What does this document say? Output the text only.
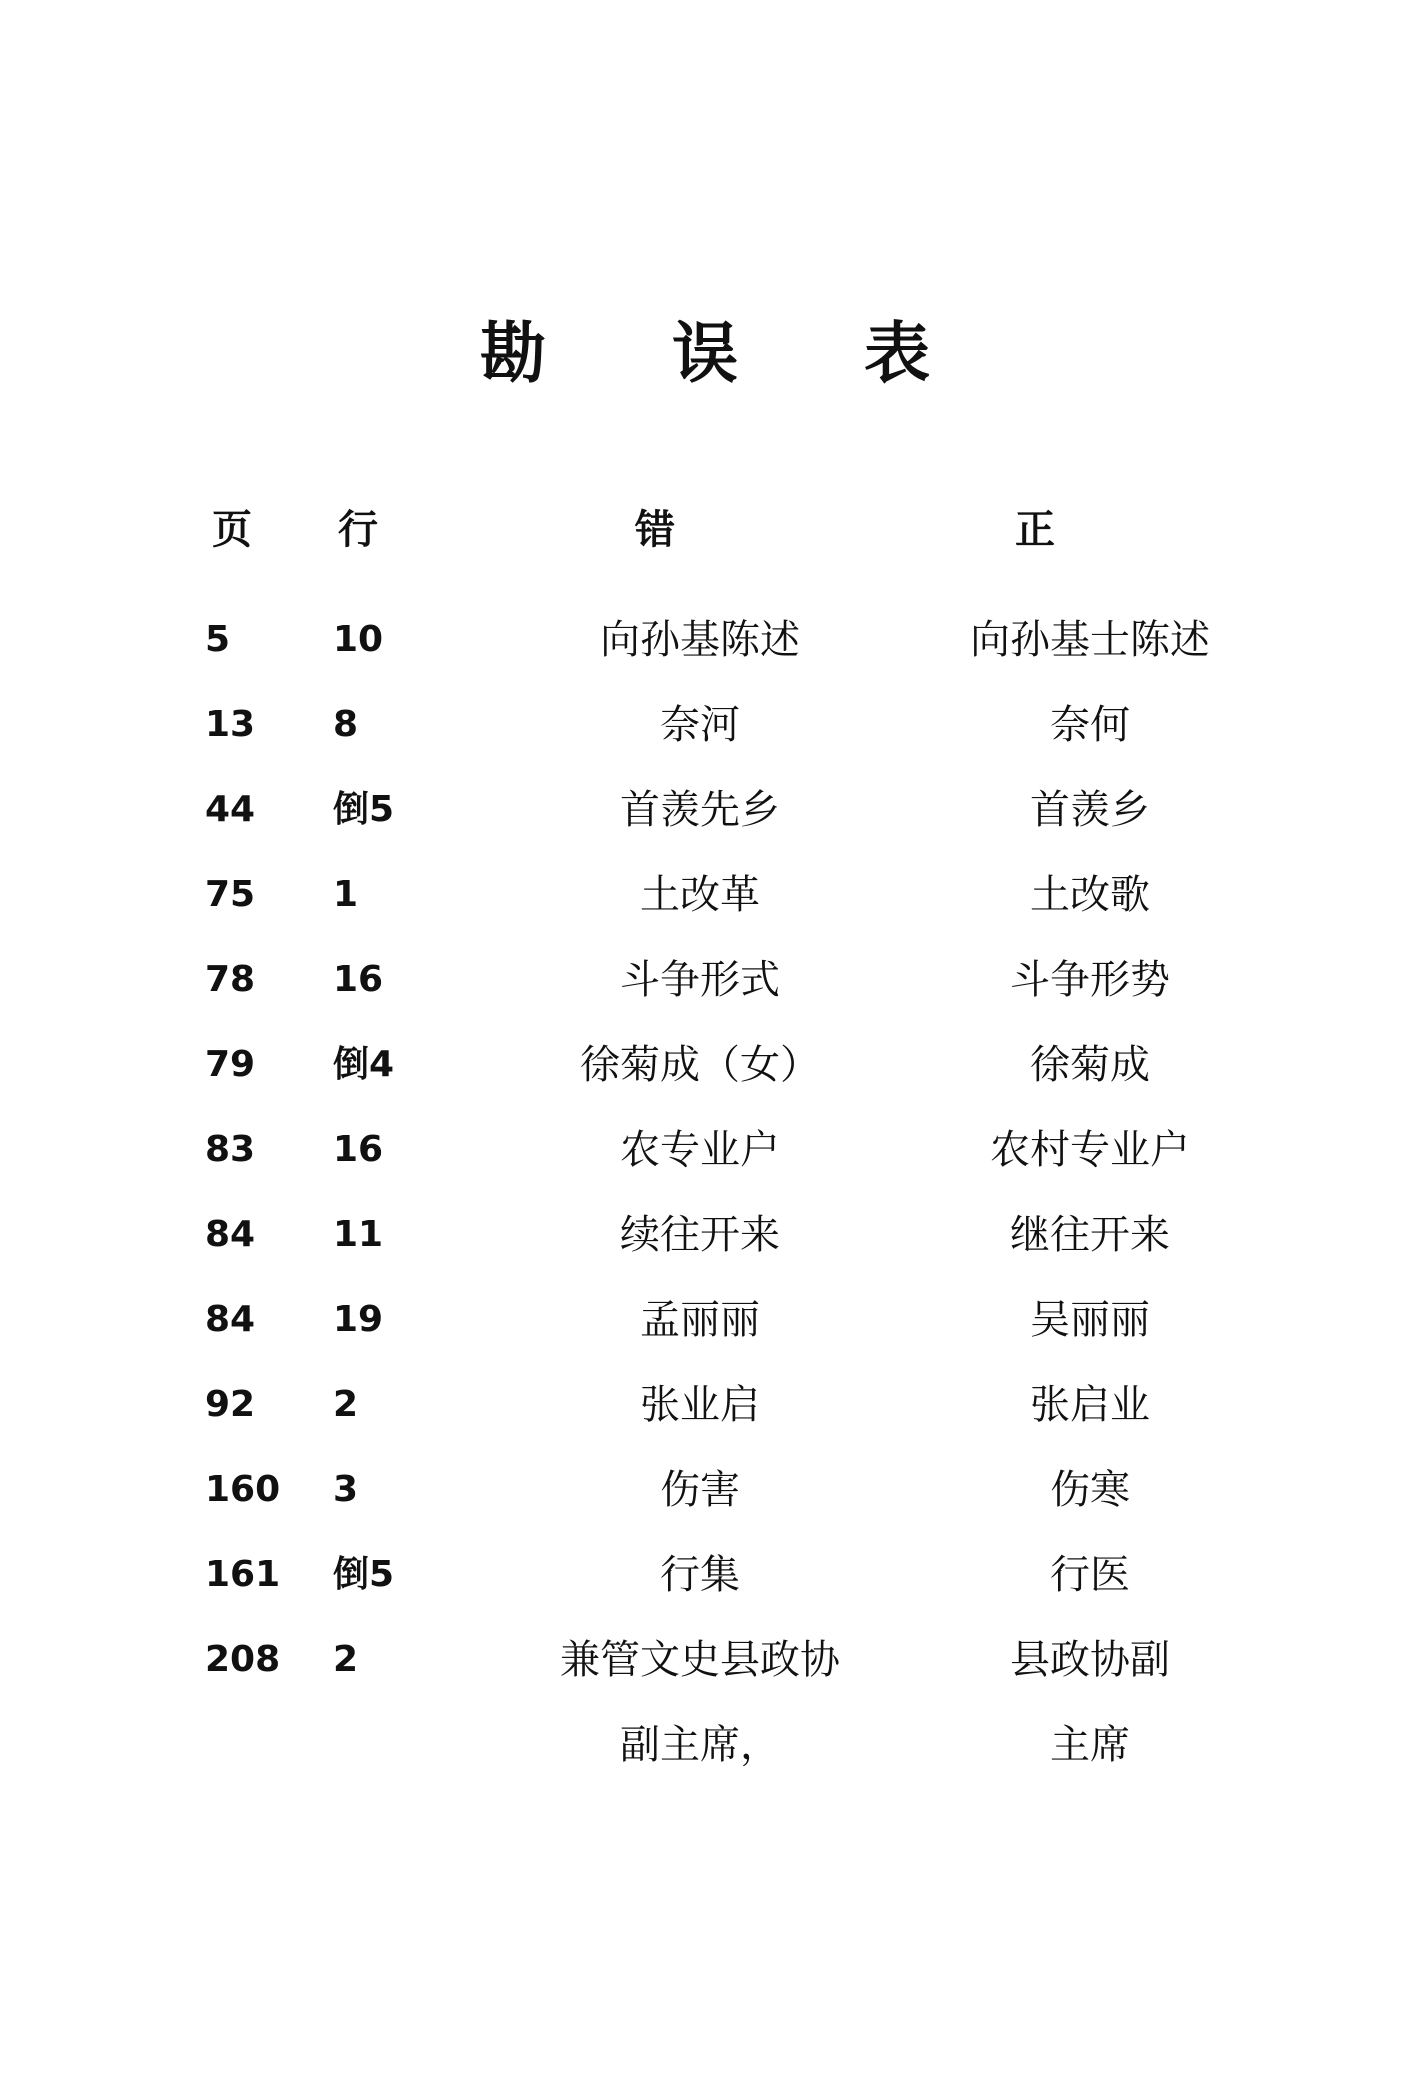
勘 误 表
页	行	错	正
5	10	向孙基陈述	向孙基士陈述
13	8	奈河	奈何
44	倒5	首羡先乡	首羡乡
75	1	土改革	土改歌
78	16	斗争形式	斗争形势
79	倒4	徐菊成（女）	徐菊成
83	16	农专业户	农村专业户
84	11	续往开来	继往开来
84	19	孟丽丽	吴丽丽
92	2	张业启	张启业
160	3	伤害	伤寒
161	倒5	行集	行医
208	2	兼管文史县政协	县政协副
副主席，	主席
